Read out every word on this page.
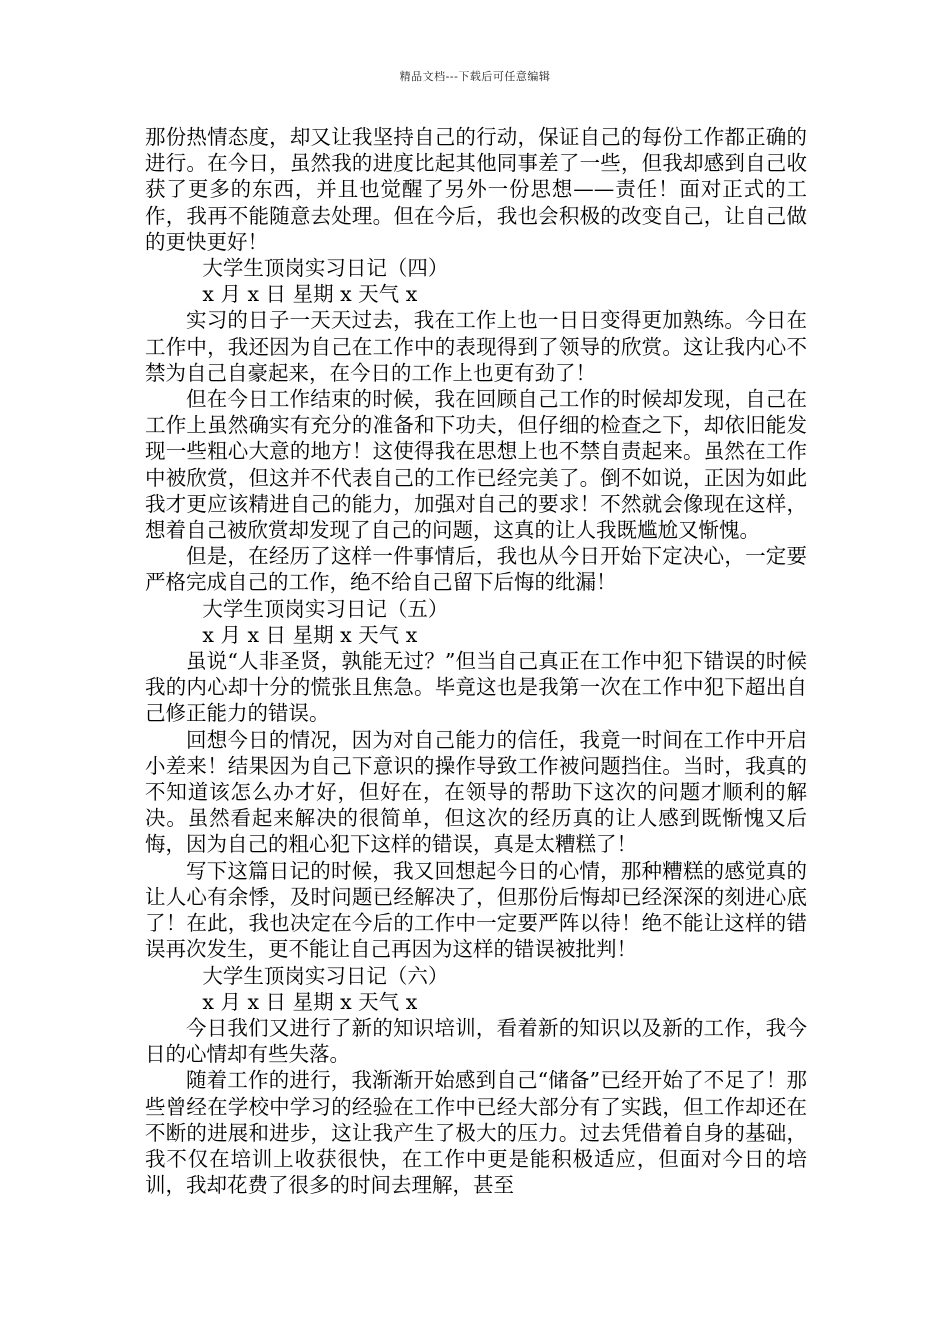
精品文档---下载后可任意编辑

那份热情态度，却又让我坚持自己的行动，保证自己的每份工作都正确的进行。在今日，虽然我的进度比起其他同事差了一些，但我却感到自己收获了更多的东西，并且也觉醒了另外一份思想——责任！面对正式的工作，我再不能随意去处理。但在今后，我也会积极的改变自己，让自己做的更快更好！

大学生顶岗实习日记（四）

x 月 x 日 星期 x 天气 x

实习的日子一天天过去，我在工作上也一日日变得更加熟练。今日在工作中，我还因为自己在工作中的表现得到了领导的欣赏。这让我内心不禁为自己自豪起来，在今日的工作上也更有劲了！

但在今日工作结束的时候，我在回顾自己工作的时候却发现，自己在工作上虽然确实有充分的准备和下功夫，但仔细的检查之下，却依旧能发现一些粗心大意的地方！这使得我在思想上也不禁自责起来。虽然在工作中被欣赏，但这并不代表自己的工作已经完美了。倒不如说，正因为如此我才更应该精进自己的能力，加强对自己的要求！不然就会像现在这样，想着自己被欣赏却发现了自己的问题，这真的让人我既尴尬又惭愧。

但是，在经历了这样一件事情后，我也从今日开始下定决心，一定要严格完成自己的工作，绝不给自己留下后悔的纰漏！

大学生顶岗实习日记（五）

x 月 x 日 星期 x 天气 x

虽说“人非圣贤，孰能无过？”但当自己真正在工作中犯下错误的时候我的内心却十分的慌张且焦急。毕竟这也是我第一次在工作中犯下超出自己修正能力的错误。

回想今日的情况，因为对自己能力的信任，我竟一时间在工作中开启小差来！结果因为自己下意识的操作导致工作被问题挡住。当时，我真的不知道该怎么办才好，但好在，在领导的帮助下这次的问题才顺利的解决。虽然看起来解决的很简单，但这次的经历真的让人感到既惭愧又后悔，因为自己的粗心犯下这样的错误，真是太糟糕了！

写下这篇日记的时候，我又回想起今日的心情，那种糟糕的感觉真的让人心有余悸，及时问题已经解决了，但那份后悔却已经深深的刻进心底了！在此，我也决定在今后的工作中一定要严阵以待！绝不能让这样的错误再次发生，更不能让自己再因为这样的错误被批判！

大学生顶岗实习日记（六）

x 月 x 日 星期 x 天气 x

今日我们又进行了新的知识培训，看着新的知识以及新的工作，我今日的心情却有些失落。

随着工作的进行，我渐渐开始感到自己“储备”已经开始了不足了！那些曾经在学校中学习的经验在工作中已经大部分有了实践，但工作却还在不断的进展和进步，这让我产生了极大的压力。过去凭借着自身的基础，我不仅在培训上收获很快，在工作中更是能积极适应，但面对今日的培训，我却花费了很多的时间去理解，甚至
